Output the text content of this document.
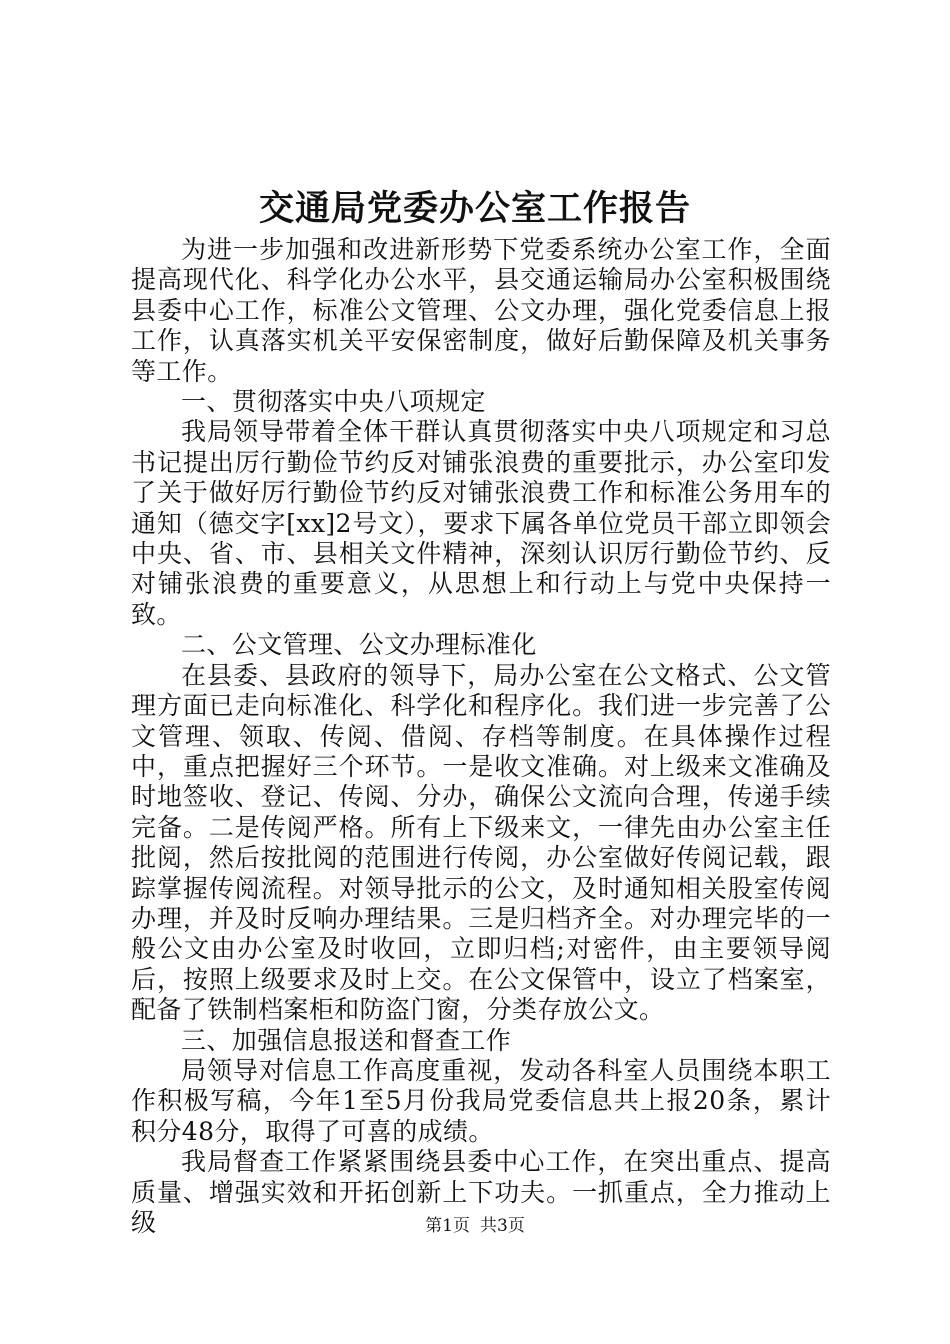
交通局党委办公室工作报告

为进一步加强和改进新形势下党委系统办公室工作，全面提高现代化、科学化办公水平，县交通运输局办公室积极围绕县委中心工作，标准公文管理、公文办理，强化党委信息上报工作，认真落实机关平安保密制度，做好后勤保障及机关事务等工作。

一、贯彻落实中央八项规定

我局领导带着全体干群认真贯彻落实中央八项规定和习总书记提出厉行勤俭节约反对铺张浪费的重要批示，办公室印发了关于做好厉行勤俭节约反对铺张浪费工作和标准公务用车的通知（德交字[xx]2号文），要求下属各单位党员干部立即领会中央、省、市、县相关文件精神，深刻认识厉行勤俭节约、反对铺张浪费的重要意义，从思想上和行动上与党中央保持一致。

二、公文管理、公文办理标准化

在县委、县政府的领导下，局办公室在公文格式、公文管理方面已走向标准化、科学化和程序化。我们进一步完善了公文管理、领取、传阅、借阅、存档等制度。在具体操作过程中，重点把握好三个环节。一是收文准确。对上级来文准确及时地签收、登记、传阅、分办，确保公文流向合理，传递手续完备。二是传阅严格。所有上下级来文，一律先由办公室主任批阅，然后按批阅的范围进行传阅，办公室做好传阅记载，跟踪掌握传阅流程。对领导批示的公文，及时通知相关股室传阅办理，并及时反响办理结果。三是归档齐全。对办理完毕的一般公文由办公室及时收回，立即归档;对密件，由主要领导阅后，按照上级要求及时上交。在公文保管中，设立了档案室，配备了铁制档案柜和防盗门窗，分类存放公文。

三、加强信息报送和督查工作

局领导对信息工作高度重视，发动各科室人员围绕本职工作积极写稿，今年1至5月份我局党委信息共上报20条，累计积分48分，取得了可喜的成绩。

我局督查工作紧紧围绕县委中心工作，在突出重点、提高质量、增强实效和开拓创新上下功夫。一抓重点，全力推动上级	第1页 共3页
